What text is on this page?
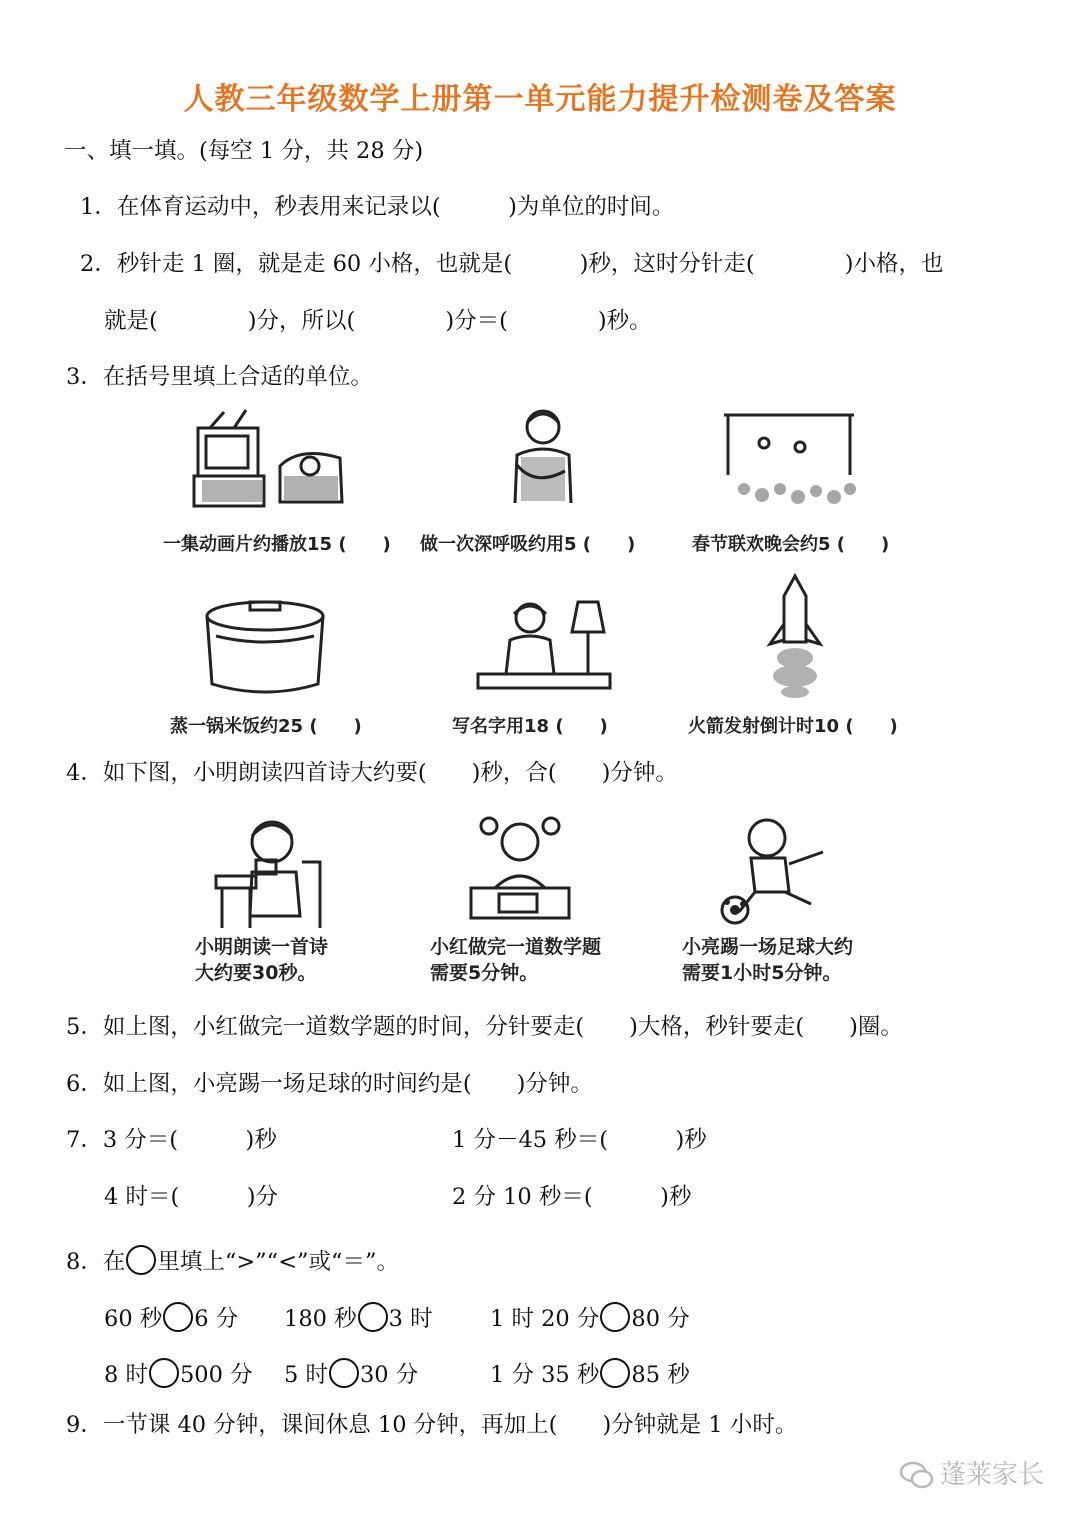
人教三年级数学上册第一单元能力提升检测卷及答案
一、填一填。(每空 1 分，共 28 分)
1．在体育运动中，秒表用来记录以(　　　)为单位的时间。
2．秒针走 1 圈，就是走 60 小格，也就是(　　　)秒，这时分针走(　　　　)小格，也
就是(　　　　)分，所以(　　　　)分＝(　　　　)秒。
3．在括号里填上合适的单位。
一集动画片约播放15 (　　) 做一次深呼吸约用5 (　　)	春节联欢晚会约5 (　　)
蒸一锅米饭约25 (　　)	写名字用18 (　　)	火箭发射倒计时10 (　　)
4．如下图，小明朗读四首诗大约要(　　)秒，合(　　)分钟。
小明朗读一首诗大约要30秒。
小红做完一道数学题需要5分钟。
小亮踢一场足球大约需要1小时5分钟。
5．如上图，小红做完一道数学题的时间，分针要走(　　)大格，秒针要走(　　)圈。
6．如上图，小亮踢一场足球的时间约是(　　)分钟。
7．3 分＝(　　　)秒	1 分－45 秒＝(　　　)秒
4 时＝(　　　)分	2 分 10 秒＝(　　　)秒
8．在 里填上“>”“<”或“＝”。
60 秒 6 分 180 秒 3 时	1 时 20 分 80 分
8 时 500 分 5 时 30 分	1 分 35 秒 85 秒
9．一节课 40 分钟，课间休息 10 分钟，再加上(　　)分钟就是 1 小时。
蓬莱家长
